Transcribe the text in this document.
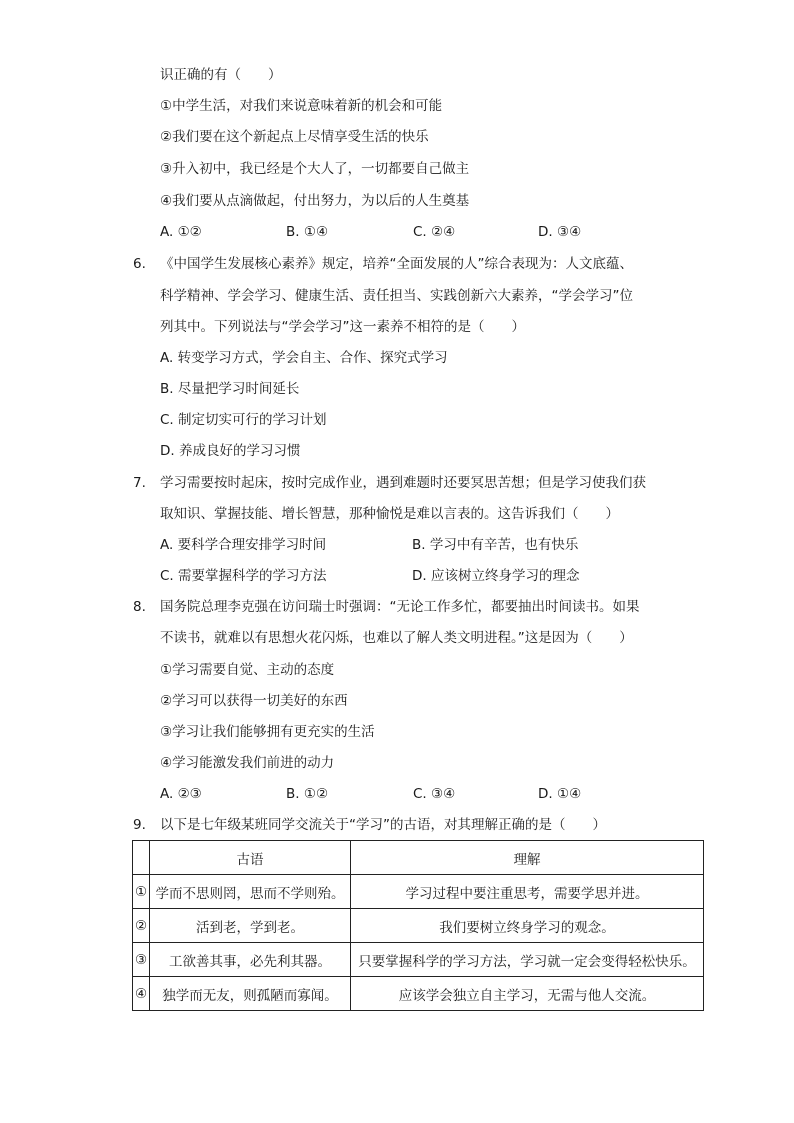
识正确的有（　　）
①中学生活，对我们来说意味着新的机会和可能
②我们要在这个新起点上尽情享受生活的快乐
③升入初中，我已经是个大人了，一切都要自己做主
④我们要从点滴做起，付出努力，为以后的人生奠基
A. ①②	B. ①④	C. ②④	D. ③④
6. 《中国学生发展核心素养》规定，培养“全面发展的人”综合表现为：人文底蕴、
科学精神、学会学习、健康生活、责任担当、实践创新六大素养，“学会学习”位
列其中。下列说法与“学会学习”这一素养不相符的是（　　）
A. 转变学习方式，学会自主、合作、探究式学习
B. 尽量把学习时间延长
C. 制定切实可行的学习计划
D. 养成良好的学习习惯
7. 学习需要按时起床，按时完成作业，遇到难题时还要冥思苦想；但是学习使我们获
取知识、掌握技能、增长智慧，那种愉悦是难以言表的。这告诉我们（　　）
A. 要科学合理安排学习时间	B. 学习中有辛苦，也有快乐
C. 需要掌握科学的学习方法	D. 应该树立终身学习的理念
8. 国务院总理李克强在访问瑞士时强调：“无论工作多忙，都要抽出时间读书。如果
不读书，就难以有思想火花闪烁，也难以了解人类文明进程。”这是因为（　　）
①学习需要自觉、主动的态度
②学习可以获得一切美好的东西
③学习让我们能够拥有更充实的生活
④学习能激发我们前进的动力
A. ②③	B. ①②	C. ③④	D. ①④
9. 以下是七年级某班同学交流关于“学习”的古语，对其理解正确的是（　　）
	古语	理解
①	学而不思则罔，思而不学则殆。	学习过程中要注重思考，需要学思并进。
②	活到老，学到老。	我们要树立终身学习的观念。
③	工欲善其事，必先利其器。	只要掌握科学的学习方法，学习就一定会变得轻松快乐。
④	独学而无友，则孤陋而寡闻。	应该学会独立自主学习，无需与他人交流。
